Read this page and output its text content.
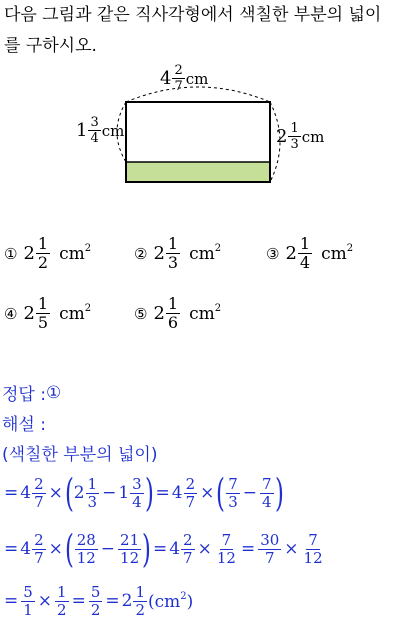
다음 그림과 같은 직사각형에서 색칠한 부분의 넓이
를 구하시오.
$4 \frac{2}{7}$ cm
$1 \frac{3}{4}$ cm	$2 \frac{1}{3}$ cm
① $2 \frac{1}{2} cm^2$	② $2 \frac{1}{3} cm^2$	③ $2 \frac{1}{4} cm^2$
④ $2 \frac{1}{5} cm^2$	⑤ $2 \frac{1}{6} cm^2$
정답 : ①
해설 :
(색칠한 부분의 넓이)
= $4 \frac{2}{7}$ × ( $2 \frac{1}{3} - 1 \frac{3}{4}$ ) = $4 \frac{2}{7}$ × ( $\frac{7}{3} - \frac{7}{4}$ )
= $4 \frac{2}{7}$ × ( $\frac{28}{12} - \frac{21}{12}$ ) = $4 \frac{2}{7} \times \frac{7}{12} = \frac{30}{7} \times \frac{7}{12}$
= $\frac{5}{1} \times \frac{1}{2} = \frac{5}{2} = 2 \frac{1}{2} (cm^2)$
